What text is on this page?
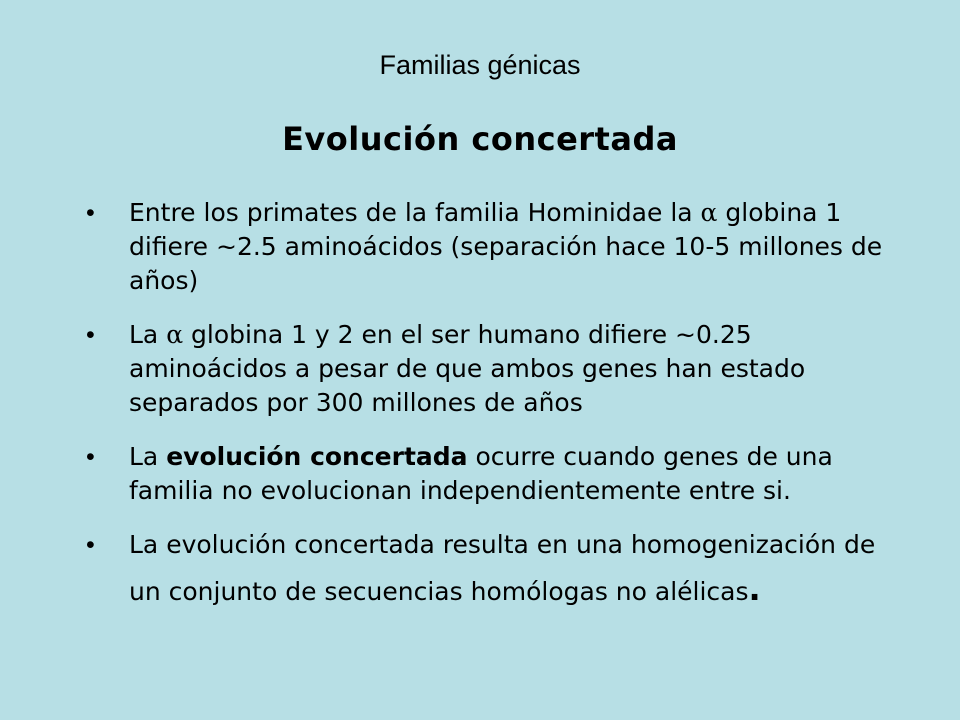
Familias génicas
Evolución concertada
• Entre los primates de la familia Hominidae la α globina 1 difiere ~2.5 aminoácidos (separación hace 10-5 millones de años)
• La α globina 1 y 2 en el ser humano difiere ~0.25 aminoácidos a pesar de que ambos genes han estado separados por 300 millones de años
• La evolución concertada ocurre cuando genes de una familia no evolucionan independientemente entre si.
• La evolución concertada resulta en una homogenización de un conjunto de secuencias homólogas no alélicas.
